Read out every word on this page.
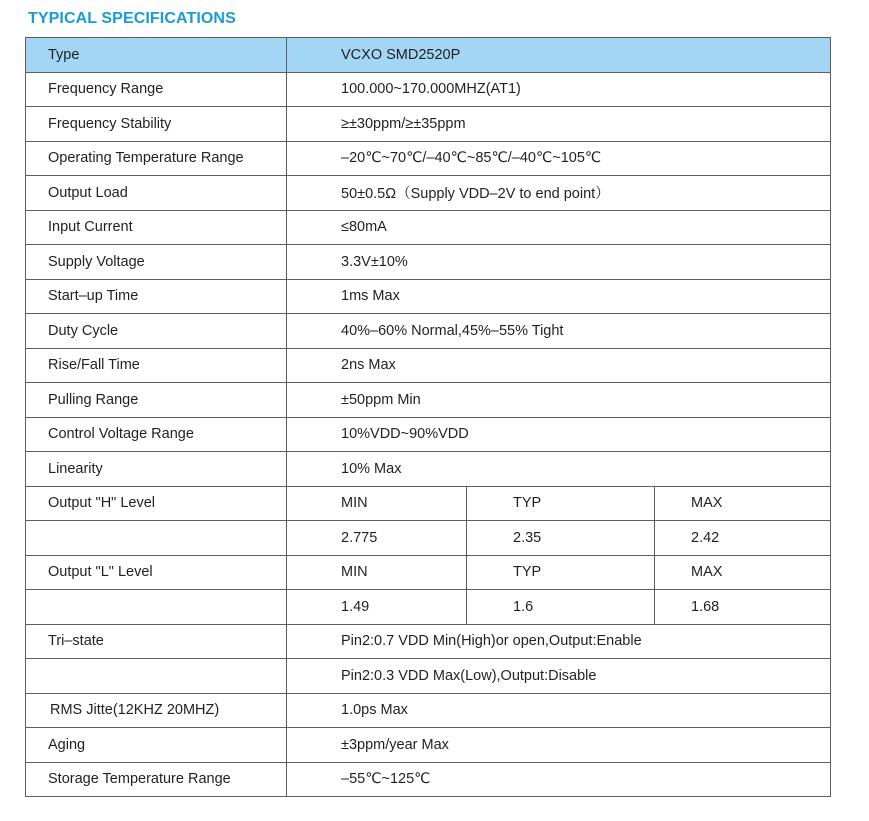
TYPICAL SPECIFICATIONS
Type	VCXO SMD2520P		
Frequency Range	100.000~170.000MHZ(AT1)		
Frequency Stability	≥±30ppm/≥±35ppm		
Operating Temperature Range	–20℃~70℃/–40℃~85℃/–40℃~105℃		
Output Load	50±0.5Ω（Supply VDD–2V to end point）		
Input Current	≤80mA		
Supply Voltage	3.3V±10%		
Start–up Time	1ms Max		
Duty Cycle	40%–60% Normal,45%–55% Tight		
Rise/Fall Time	2ns Max		
Pulling Range	±50ppm Min		
Control Voltage Range	10%VDD~90%VDD		
Linearity	10% Max		
Output "H" Level	MIN	TYP	MAX
	2.775	2.35	2.42
Output "L" Level	MIN	TYP	MAX
	1.49	1.6	1.68
Tri–state	Pin2:0.7 VDD Min(High)or open,Output:Enable		
	Pin2:0.3 VDD Max(Low),Output:Disable		
RMS Jitte(12KHZ 20MHZ)	1.0ps Max		
Aging	±3ppm/year Max		
Storage Temperature Range	–55℃~125℃		
